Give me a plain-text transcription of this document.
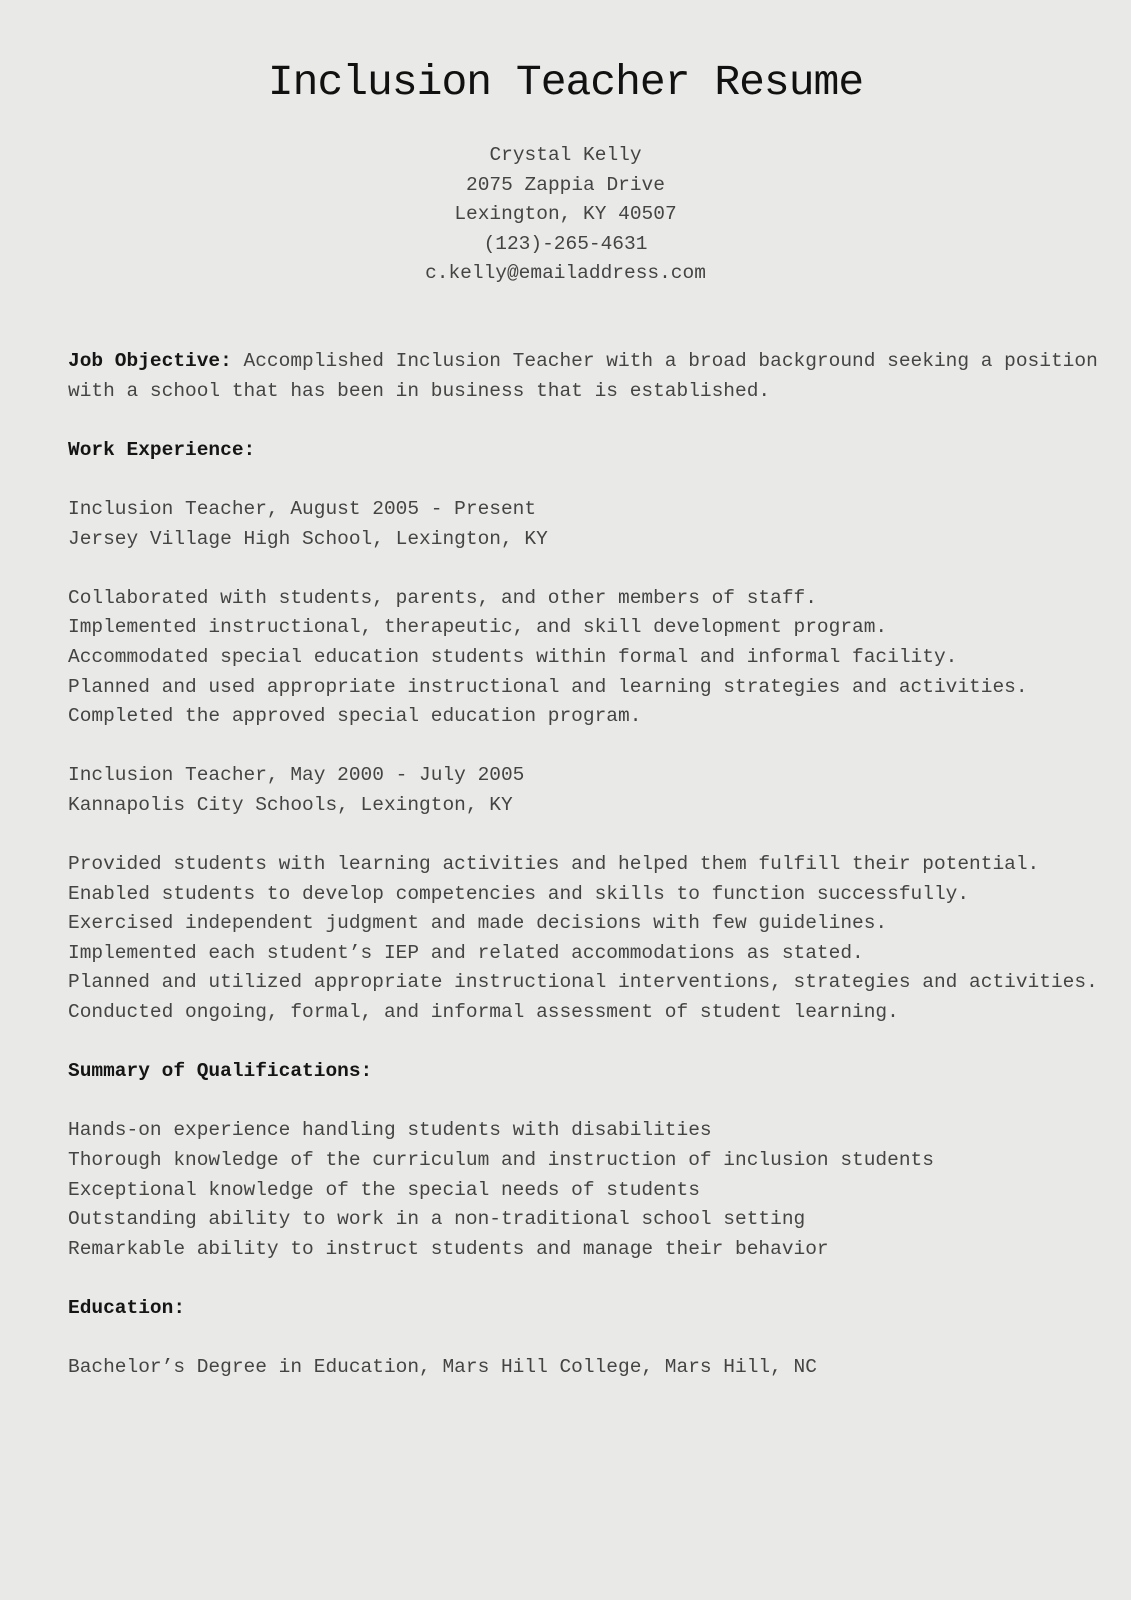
Inclusion Teacher Resume
Crystal Kelly
2075 Zappia Drive
Lexington, KY 40507
(123)-265-4631
c.kelly@emailaddress.com
Job Objective: Accomplished Inclusion Teacher with a broad background seeking a position
with a school that has been in business that is established.
Work Experience:
Inclusion Teacher, August 2005 - Present
Jersey Village High School, Lexington, KY
Collaborated with students, parents, and other members of staff.
Implemented instructional, therapeutic, and skill development program.
Accommodated special education students within formal and informal facility.
Planned and used appropriate instructional and learning strategies and activities.
Completed the approved special education program.
Inclusion Teacher, May 2000 - July 2005
Kannapolis City Schools, Lexington, KY
Provided students with learning activities and helped them fulfill their potential.
Enabled students to develop competencies and skills to function successfully.
Exercised independent judgment and made decisions with few guidelines.
Implemented each student’s IEP and related accommodations as stated.
Planned and utilized appropriate instructional interventions, strategies and activities.
Conducted ongoing, formal, and informal assessment of student learning.
Summary of Qualifications:
Hands-on experience handling students with disabilities
Thorough knowledge of the curriculum and instruction of inclusion students
Exceptional knowledge of the special needs of students
Outstanding ability to work in a non-traditional school setting
Remarkable ability to instruct students and manage their behavior
Education:
Bachelor’s Degree in Education, Mars Hill College, Mars Hill, NC
